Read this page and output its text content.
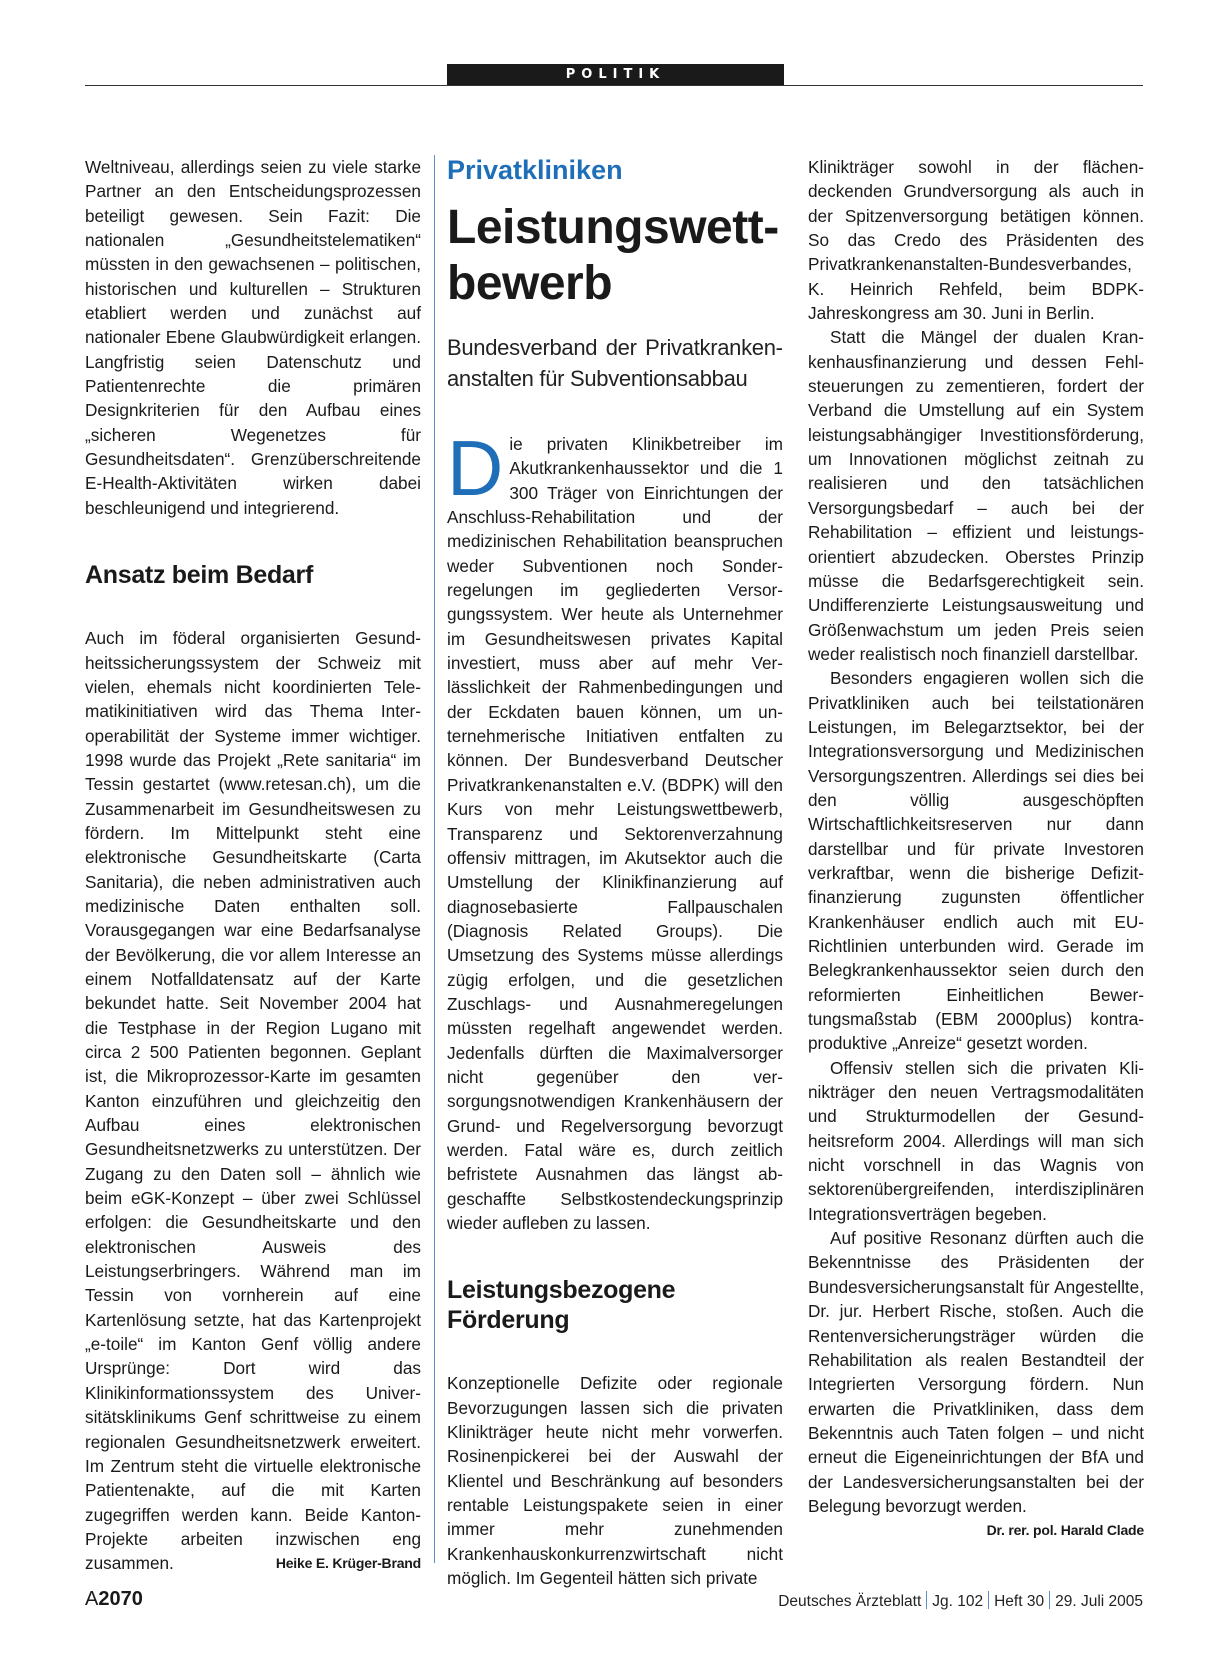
POLITIK

Weltniveau, allerdings seien zu viele starke Partner an den Entscheidungsprozessen beteiligt gewesen. Sein Fazit: Die nationalen „Gesundheitstelematiken“ müssten in den gewachsenen – politischen, historischen und kulturellen – Strukturen etabliert werden und zunächst auf nationaler Ebene Glaubwürdigkeit erlangen. Langfristig seien Datenschutz und Patientenrechte die primären Designkriterien für den Aufbau eines „sicheren Wegenetzes für Gesundheitsdaten“. Grenzüberschreitende E-Health-Aktivitäten wirken dabei beschleunigend und integrierend.

Ansatz beim Bedarf

Auch im föderal organisierten Gesundheitssicherungssystem der Schweiz mit vielen, ehemals nicht koordinierten Telematikinitiativen wird das Thema Interoperabilität der Systeme immer wichtiger. 1998 wurde das Projekt „Rete sanitaria“ im Tessin gestartet (www.​retesan.ch), um die Zusammenarbeit im Gesundheitswesen zu fördern. Im Mittelpunkt steht eine elektronische Gesundheitskarte (Carta Sanitaria), die neben administrativen auch medizinische Daten enthalten soll. Vorausgegangen war eine Bedarfsanalyse der Bevölkerung, die vor allem Interesse an einem Notfalldatensatz auf der Karte bekundet hatte. Seit November 2004 hat die Testphase in der Region Lugano mit circa 2 500 Patienten begonnen. Geplant ist, die Mikroprozessor-Karte im gesamten Kanton einzuführen und gleichzeitig den Aufbau eines elektronischen Gesundheitsnetzwerks zu unterstützen. Der Zugang zu den Daten soll – ähnlich wie beim eGK-Konzept – über zwei Schlüssel erfolgen: die Gesundheitskarte und den elektronischen Ausweis des Leistungserbringers. Während man im Tessin von vornherein auf eine Kartenlösung setzte, hat das Kartenprojekt „e-toile“ im Kanton Genf völlig andere Ursprünge: Dort wird das Klinikinformationssystem des Universitätsklinikums Genf schrittweise zu einem regionalen Gesundheitsnetzwerk erweitert. Im Zentrum steht die virtuelle elektronische Patientenakte, auf die mit Karten zugegriffen werden kann. Beide Kanton-Projekte arbeiten inzwischen eng zusammen.	Heike E. Krüger-Brand

Privatkliniken
Leistungswett-
bewerb
Bundesverband der Privatkrankenanstalten für Subventionsabbau

Die privaten Klinikbetreiber im Akutkrankenhaussektor und die 1 300 Träger von Einrichtungen der Anschluss-Rehabilitation und der medizinischen Rehabilitation beanspruchen weder Subventionen noch Sonderregelungen im gegliederten Versorgungssystem. Wer heute als Unternehmer im Gesundheitswesen privates Kapital investiert, muss aber auf mehr Verlässlichkeit der Rahmenbedingungen und der Eckdaten bauen können, um unternehmerische Initiativen entfalten zu können. Der Bundesverband Deutscher Privatkrankenanstalten e.V. (BDPK) will den Kurs von mehr Leistungswettbewerb, Transparenz und Sektorenverzahnung offensiv mittragen, im Akutsektor auch die Umstellung der Klinikfinanzierung auf diagnosebasierte Fallpauschalen (Diagnosis Related Groups). Die Umsetzung des Systems müsse allerdings zügig erfolgen, und die gesetzlichen Zuschlags- und Ausnahmeregelungen müssten regelhaft angewendet werden. Jedenfalls dürften die Maximalversorger nicht gegenüber den versorgungsnotwendigen Krankenhäusern der Grund- und Regelversorgung bevorzugt werden. Fatal wäre es, durch zeitlich befristete Ausnahmen das längst abgeschaffte Selbstkostendeckungsprinzip wieder aufleben zu lassen.

Leistungsbezogene Förderung

Konzeptionelle Defizite oder regionale Bevorzugungen lassen sich die privaten Klinikträger heute nicht mehr vorwerfen. Rosinenpickerei bei der Auswahl der Klientel und Beschränkung auf besonders rentable Leistungspakete seien in einer immer mehr zunehmenden Krankenhauskonkurrenzwirtschaft nicht möglich. Im Gegenteil hätten sich private

Klinikträger sowohl in der flächendeckenden Grundversorgung als auch in der Spitzenversorgung betätigen können. So das Credo des Präsidenten des Privatkrankenanstalten-Bundesverbandes, K. Heinrich Rehfeld, beim BDPK-Jahreskongress am 30. Juni in Berlin.

Statt die Mängel der dualen Krankenhausfinanzierung und dessen Fehlsteuerungen zu zementieren, fordert der Verband die Umstellung auf ein System leistungsabhängiger Investitionsförderung, um Innovationen möglichst zeitnah zu realisieren und den tatsächlichen Versorgungsbedarf – auch bei der Rehabilitation – effizient und leistungsorientiert abzudecken. Oberstes Prinzip müsse die Bedarfsgerechtigkeit sein. Undifferenzierte Leistungsausweitung und Größenwachstum um jeden Preis seien weder realistisch noch finanziell darstellbar.

Besonders engagieren wollen sich die Privatkliniken auch bei teilstationären Leistungen, im Belegarztsektor, bei der Integrationsversorgung und Medizinischen Versorgungszentren. Allerdings sei dies bei den völlig ausgeschöpften Wirtschaftlichkeitsreserven nur dann darstellbar und für private Investoren verkraftbar, wenn die bisherige Defizitfinanzierung zugunsten öffentlicher Krankenhäuser endlich auch mit EU-Richtlinien unterbunden wird. Gerade im Belegkrankenhaussektor seien durch den reformierten Einheitlichen Bewertungsmaßstab (EBM 2000plus) kontraproduktive „Anreize“ gesetzt worden.

Offensiv stellen sich die privaten Klinikträger den neuen Vertragsmodalitäten und Strukturmodellen der Gesundheitsreform 2004. Allerdings will man sich nicht vorschnell in das Wagnis von sektorenübergreifenden, interdisziplinären Integrationsverträgen begeben.

Auf positive Resonanz dürften auch die Bekenntnisse des Präsidenten der Bundesversicherungsanstalt für Angestellte, Dr. jur. Herbert Rische, stoßen. Auch die Rentenversicherungsträger würden die Rehabilitation als realen Bestandteil der Integrierten Versorgung fördern. Nun erwarten die Privatkliniken, dass dem Bekenntnis auch Taten folgen – und nicht erneut die Eigeneinrichtungen der BfA und der Landesversicherungsanstalten bei der Belegung bevorzugt werden.
Dr. rer. pol. Harald Clade

A2070	Deutsches Ärzteblatt Jg. 102 Heft 30 29. Juli 2005
